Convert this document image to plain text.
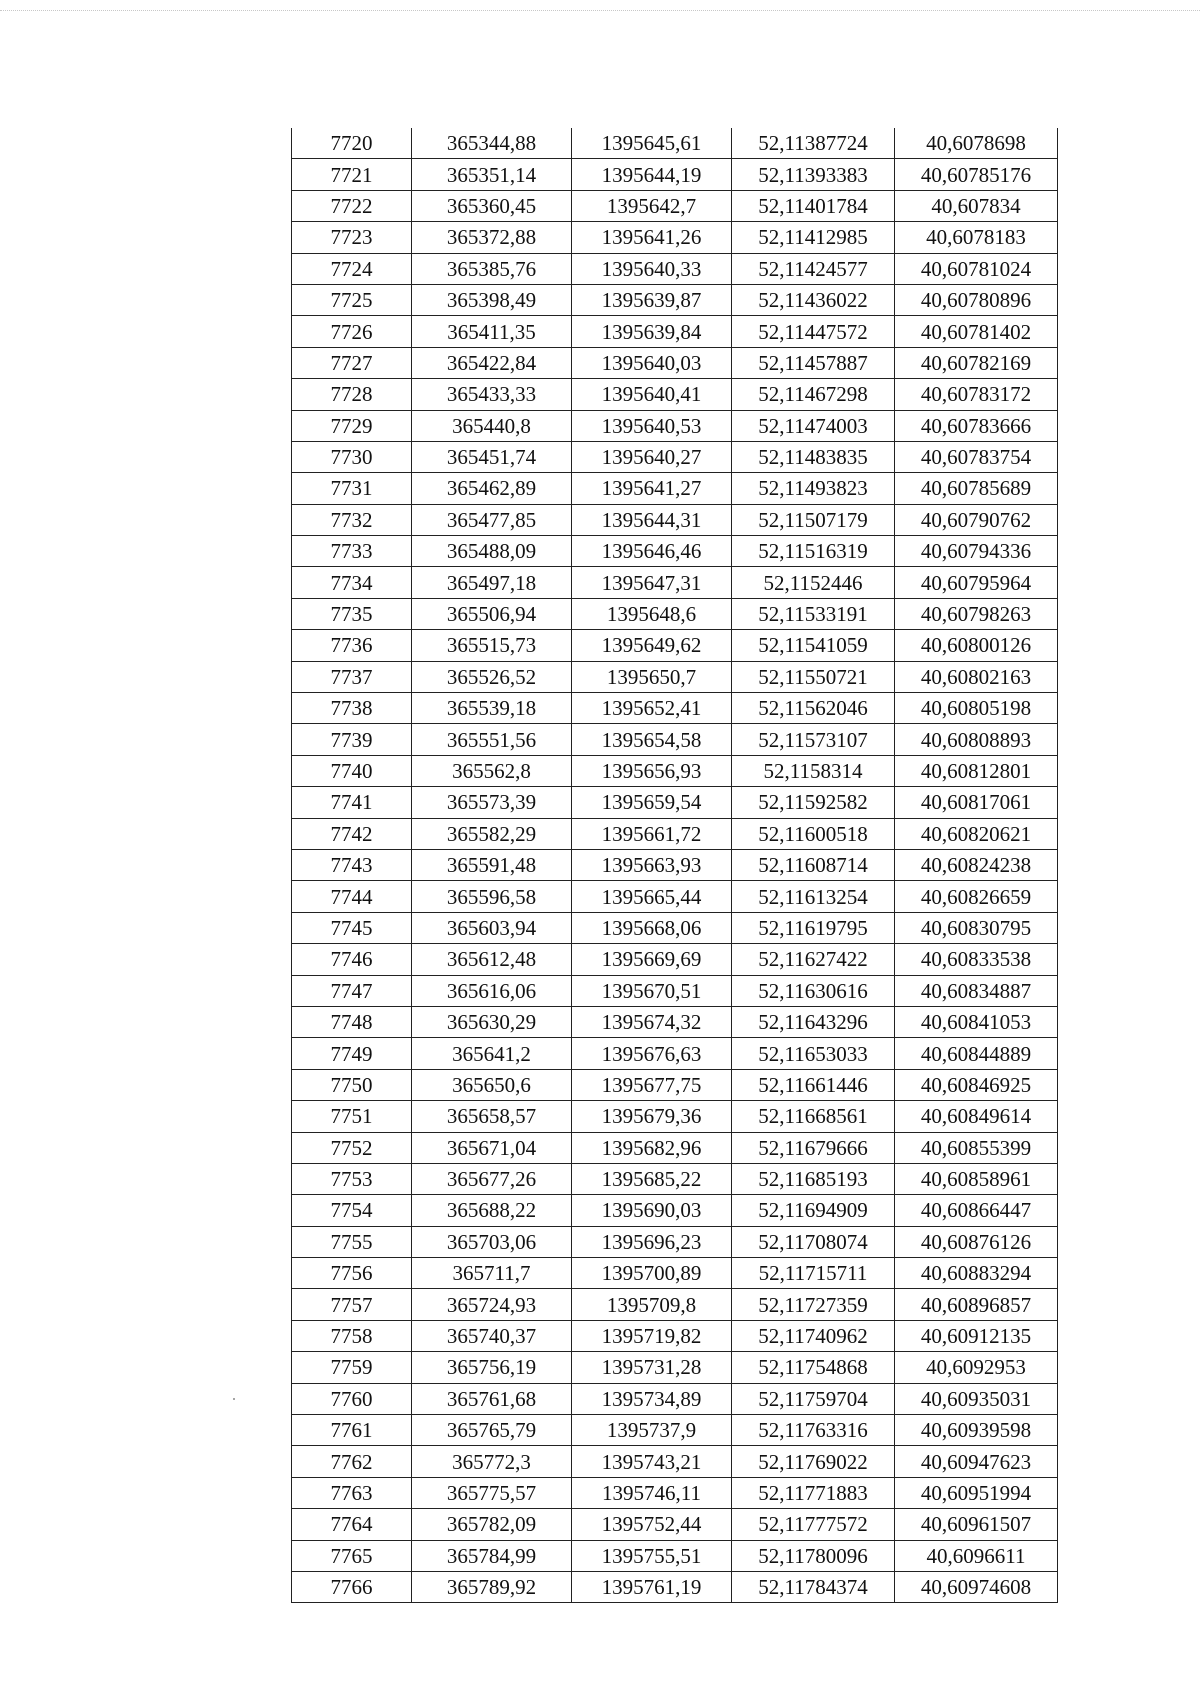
7720	365344,88	1395645,61	52,11387724	40,6078698
7721	365351,14	1395644,19	52,11393383	40,60785176
7722	365360,45	1395642,7	52,11401784	40,607834
7723	365372,88	1395641,26	52,11412985	40,6078183
7724	365385,76	1395640,33	52,11424577	40,60781024
7725	365398,49	1395639,87	52,11436022	40,60780896
7726	365411,35	1395639,84	52,11447572	40,60781402
7727	365422,84	1395640,03	52,11457887	40,60782169
7728	365433,33	1395640,41	52,11467298	40,60783172
7729	365440,8	1395640,53	52,11474003	40,60783666
7730	365451,74	1395640,27	52,11483835	40,60783754
7731	365462,89	1395641,27	52,11493823	40,60785689
7732	365477,85	1395644,31	52,11507179	40,60790762
7733	365488,09	1395646,46	52,11516319	40,60794336
7734	365497,18	1395647,31	52,1152446	40,60795964
7735	365506,94	1395648,6	52,11533191	40,60798263
7736	365515,73	1395649,62	52,11541059	40,60800126
7737	365526,52	1395650,7	52,11550721	40,60802163
7738	365539,18	1395652,41	52,11562046	40,60805198
7739	365551,56	1395654,58	52,11573107	40,60808893
7740	365562,8	1395656,93	52,1158314	40,60812801
7741	365573,39	1395659,54	52,11592582	40,60817061
7742	365582,29	1395661,72	52,11600518	40,60820621
7743	365591,48	1395663,93	52,11608714	40,60824238
7744	365596,58	1395665,44	52,11613254	40,60826659
7745	365603,94	1395668,06	52,11619795	40,60830795
7746	365612,48	1395669,69	52,11627422	40,60833538
7747	365616,06	1395670,51	52,11630616	40,60834887
7748	365630,29	1395674,32	52,11643296	40,60841053
7749	365641,2	1395676,63	52,11653033	40,60844889
7750	365650,6	1395677,75	52,11661446	40,60846925
7751	365658,57	1395679,36	52,11668561	40,60849614
7752	365671,04	1395682,96	52,11679666	40,60855399
7753	365677,26	1395685,22	52,11685193	40,60858961
7754	365688,22	1395690,03	52,11694909	40,60866447
7755	365703,06	1395696,23	52,11708074	40,60876126
7756	365711,7	1395700,89	52,11715711	40,60883294
7757	365724,93	1395709,8	52,11727359	40,60896857
7758	365740,37	1395719,82	52,11740962	40,60912135
7759	365756,19	1395731,28	52,11754868	40,6092953
7760	365761,68	1395734,89	52,11759704	40,60935031
7761	365765,79	1395737,9	52,11763316	40,60939598
7762	365772,3	1395743,21	52,11769022	40,60947623
7763	365775,57	1395746,11	52,11771883	40,60951994
7764	365782,09	1395752,44	52,11777572	40,60961507
7765	365784,99	1395755,51	52,11780096	40,6096611
7766	365789,92	1395761,19	52,11784374	40,60974608
